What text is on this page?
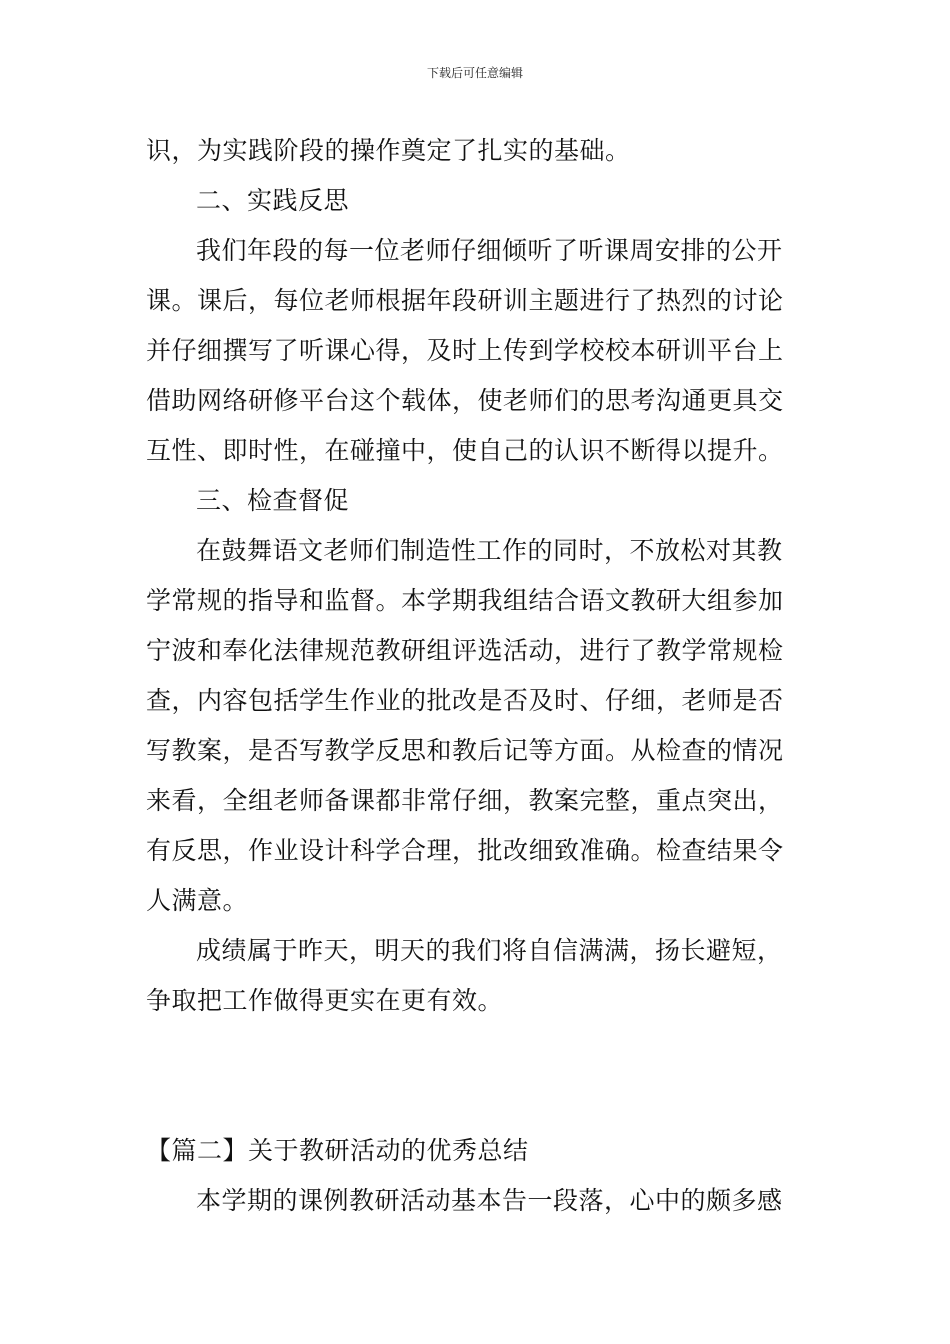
下载后可任意编辑
识，为实践阶段的操作奠定了扎实的基础。
二、实践反思
我们年段的每一位老师仔细倾听了听课周安排的公开
课。课后，每位老师根据年段研训主题进行了热烈的讨论
并仔细撰写了听课心得，及时上传到学校校本研训平台上
借助网络研修平台这个载体，使老师们的思考沟通更具交
互性、即时性，在碰撞中，使自己的认识不断得以提升。
三、检查督促
在鼓舞语文老师们制造性工作的同时，不放松对其教
学常规的指导和监督。本学期我组结合语文教研大组参加
宁波和奉化法律规范教研组评选活动，进行了教学常规检
查，内容包括学生作业的批改是否及时、仔细，老师是否
写教案，是否写教学反思和教后记等方面。从检查的情况
来看，全组老师备课都非常仔细，教案完整，重点突出，
有反思，作业设计科学合理，批改细致准确。检查结果令
人满意。
成绩属于昨天，明天的我们将自信满满，扬长避短，
争取把工作做得更实在更有效。
【篇二】关于教研活动的优秀总结
本学期的课例教研活动基本告一段落，心中的颇多感
